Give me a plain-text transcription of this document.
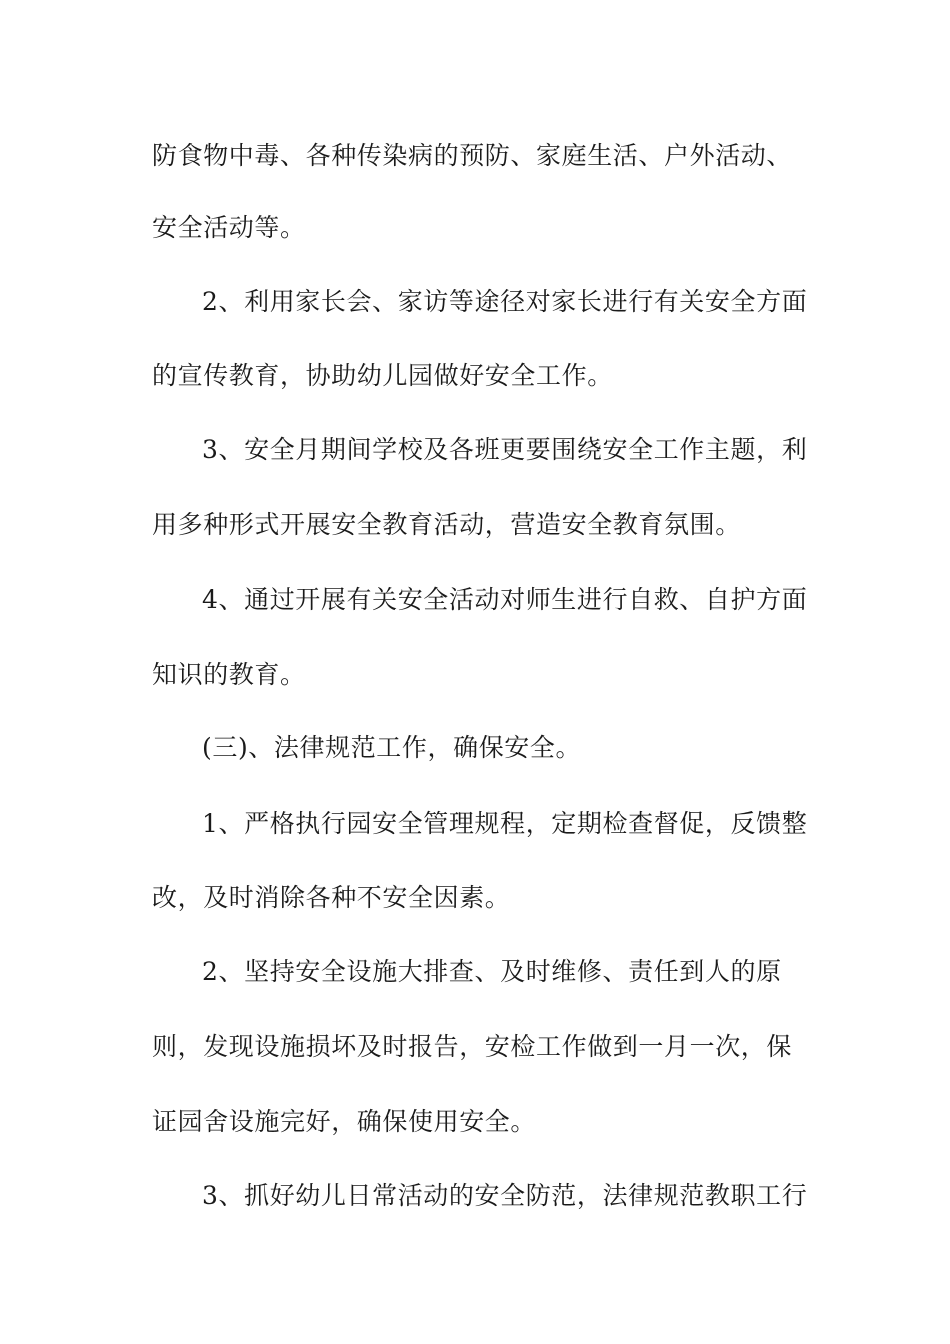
防食物中毒、各种传染病的预防、家庭生活、户外活动、
安全活动等。
2、利用家长会、家访等途径对家长进行有关安全方面
的宣传教育，协助幼儿园做好安全工作。
3、安全月期间学校及各班更要围绕安全工作主题，利
用多种形式开展安全教育活动，营造安全教育氛围。
4、通过开展有关安全活动对师生进行自救、自护方面
知识的教育。
(三)、法律规范工作，确保安全。
1、严格执行园安全管理规程，定期检查督促，反馈整
改，及时消除各种不安全因素。
2、坚持安全设施大排查、及时维修、责任到人的原
则，发现设施损坏及时报告，安检工作做到一月一次，保
证园舍设施完好，确保使用安全。
3、抓好幼儿日常活动的安全防范，法律规范教职工行
